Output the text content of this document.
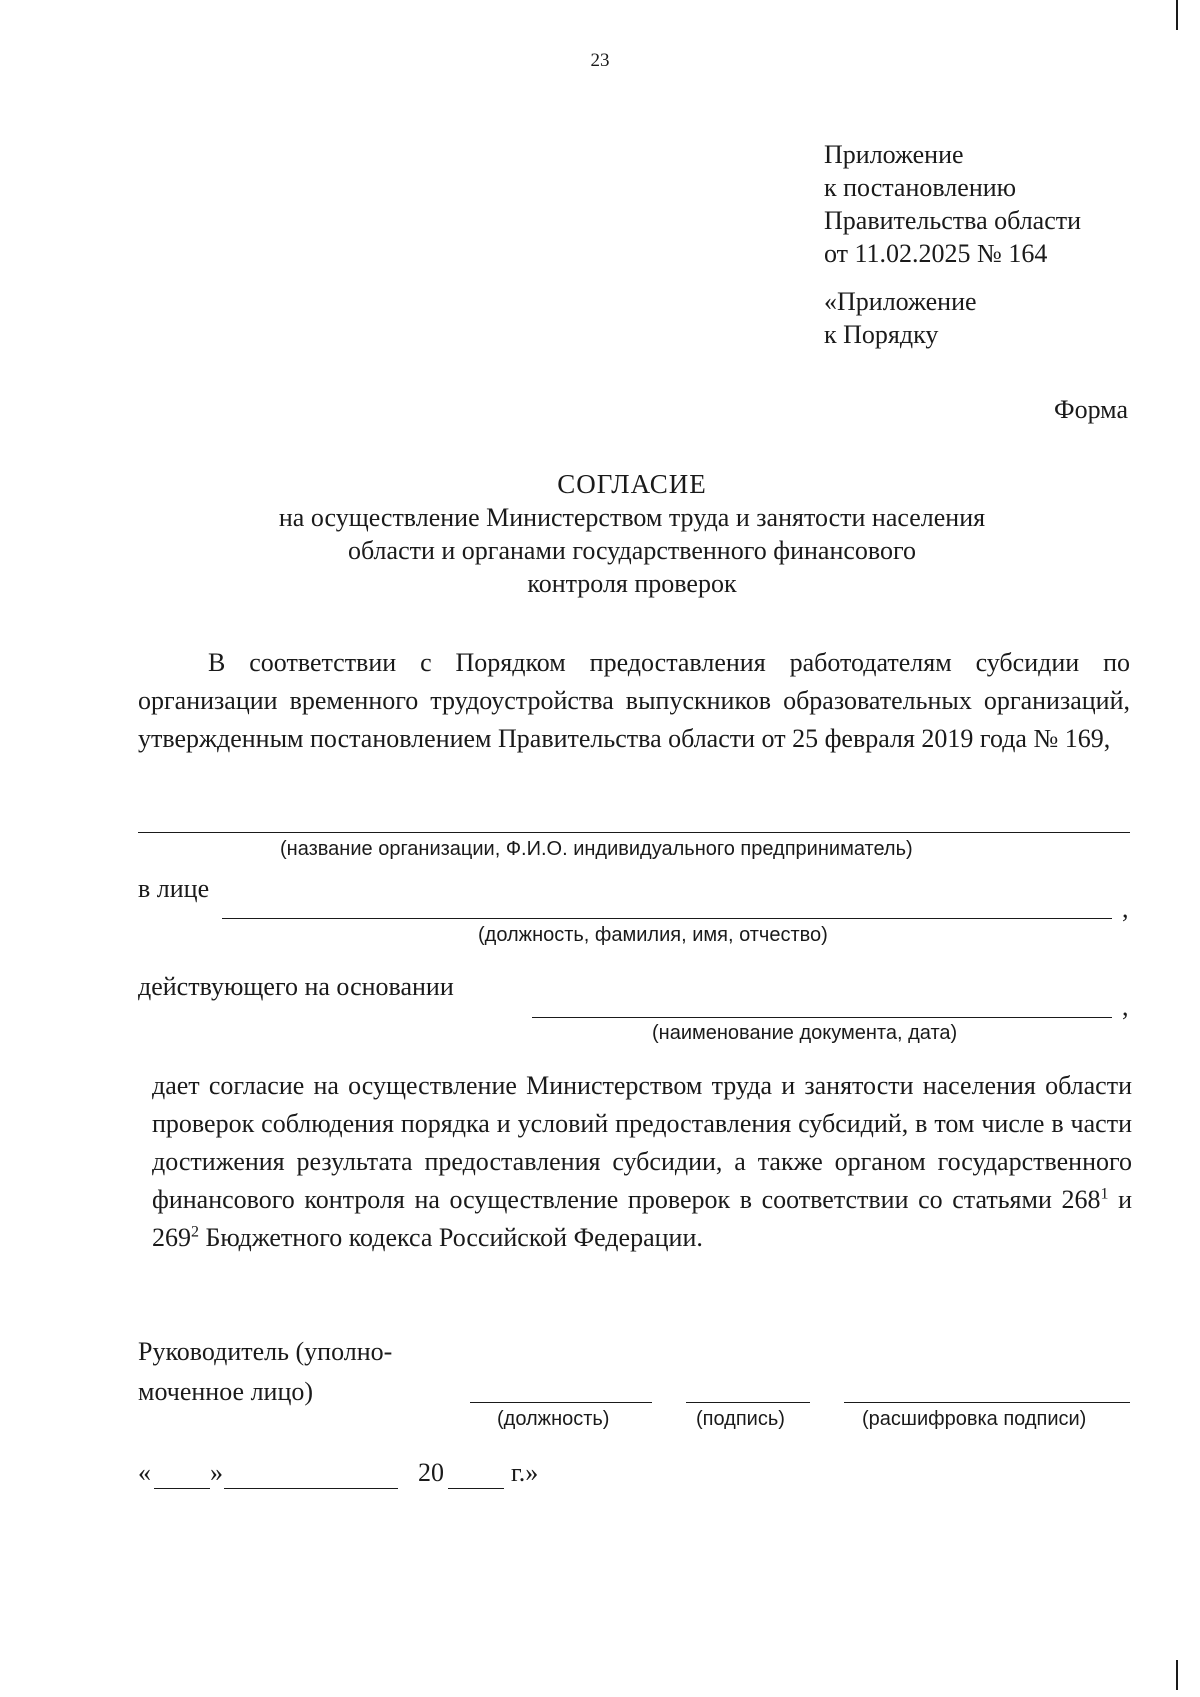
23
Приложение
к постановлению
Правительства области
от 11.02.2025 № 164
«Приложение
к Порядку
Форма
СОГЛАСИЕ
на осуществление Министерством труда и занятости населения
области и органами государственного финансового
контроля проверок
В соответствии с Порядком предоставления работодателям субсидии по организации временного трудоустройства выпускников образовательных организаций, утвержденным постановлением Правительства области от 25 февраля 2019 года № 169,
(название организации, Ф.И.О. индивидуального предприниматель)
в лице
,
(должность, фамилия, имя, отчество)
действующего на основании
,
(наименование документа, дата)
дает согласие на осуществление Министерством труда и занятости населения области проверок соблюдения порядка и условий предоставления субсидий, в том числе в части достижения результата предоставления субсидии, а также органом государственного финансового контроля на осуществление проверок в соответствии со статьями $268^1$ и $269^2$ Бюджетного кодекса Российской Федерации.
Руководитель (уполно-
моченное лицо)
(должность)	(подпись)	(расшифровка подписи)
« »	20	г.»
